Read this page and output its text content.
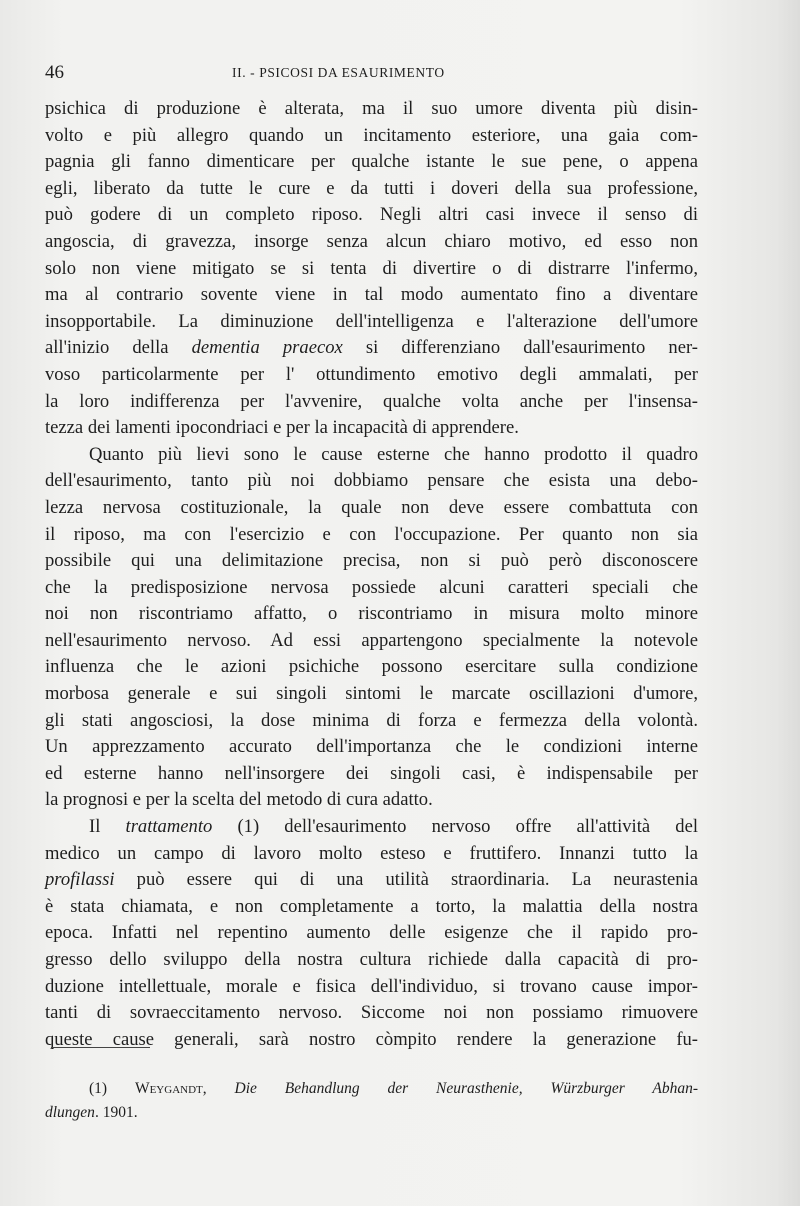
46	II. - PSICOSI DA ESAURIMENTO
psichica di produzione è alterata, ma il suo umore diventa più disin-
volto e più allegro quando un incitamento esteriore, una gaia com-
pagnia gli fanno dimenticare per qualche istante le sue pene, o appena
egli, liberato da tutte le cure e da tutti i doveri della sua professione,
può godere di un completo riposo. Negli altri casi invece il senso di
angoscia, di gravezza, insorge senza alcun chiaro motivo, ed esso non
solo non viene mitigato se si tenta di divertire o di distrarre l'infermo,
ma al contrario sovente viene in tal modo aumentato fino a diventare
insopportabile. La diminuzione dell'intelligenza e l'alterazione dell'umore
all'inizio della dementia praecox si differenziano dall'esaurimento ner-
voso particolarmente per l' ottundimento emotivo degli ammalati, per
la loro indifferenza per l'avvenire, qualche volta anche per l'insensa-
tezza dei lamenti ipocondriaci e per la incapacità di apprendere.
Quanto più lievi sono le cause esterne che hanno prodotto il quadro
dell'esaurimento, tanto più noi dobbiamo pensare che esista una debo-
lezza nervosa costituzionale, la quale non deve essere combattuta con
il riposo, ma con l'esercizio e con l'occupazione. Per quanto non sia
possibile qui una delimitazione precisa, non si può però disconoscere
che la predisposizione nervosa possiede alcuni caratteri speciali che
noi non riscontriamo affatto, o riscontriamo in misura molto minore
nell'esaurimento nervoso. Ad essi appartengono specialmente la notevole
influenza che le azioni psichiche possono esercitare sulla condizione
morbosa generale e sui singoli sintomi le marcate oscillazioni d'umore,
gli stati angosciosi, la dose minima di forza e fermezza della volontà.
Un apprezzamento accurato dell'importanza che le condizioni interne
ed esterne hanno nell'insorgere dei singoli casi, è indispensabile per
la prognosi e per la scelta del metodo di cura adatto.
Il trattamento (1) dell'esaurimento nervoso offre all'attività del
medico un campo di lavoro molto esteso e fruttifero. Innanzi tutto la
profilassi può essere qui di una utilità straordinaria. La neurastenia
è stata chiamata, e non completamente a torto, la malattia della nostra
epoca. Infatti nel repentino aumento delle esigenze che il rapido pro-
gresso dello sviluppo della nostra cultura richiede dalla capacità di pro-
duzione intellettuale, morale e fisica dell'individuo, si trovano cause impor-
tanti di sovraeccitamento nervoso. Siccome noi non possiamo rimuovere
queste cause generali, sarà nostro còmpito rendere la generazione fu-
(1) Weygandt, Die Behandlung der Neurasthenie, Würzburger Abhan-
dlungen. 1901.
